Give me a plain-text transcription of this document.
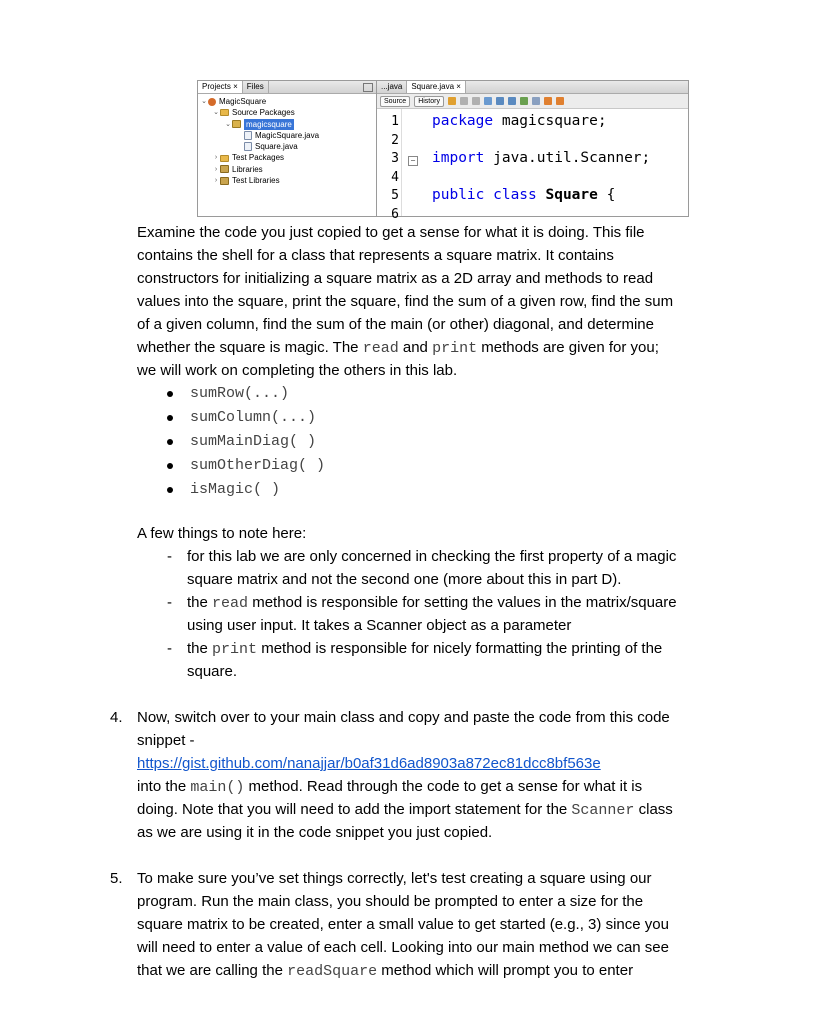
Projects ×	Files
⌄ MagicSquare
⌄ Source Packages
⌄ magicsquare
MagicSquare.java
Square.java
›	Test Packages
›	Libraries
›	Test Libraries
...java	Square.java ×
Source	History
1
2
3
4
5
6
−
package magicsquare;
import java.util.Scanner;
public class Square {
Examine the code you just copied to get a sense for what it is doing. This file
contains the shell for a class that represents a square matrix. It contains
constructors for initializing a square matrix as a 2D array and methods to read
values into the square, print the square, find the sum of a given row, find the sum
of a given column, find the sum of the main (or other) diagonal, and determine
whether the square is magic. The read and print methods are given for you;
we will work on completing the others in this lab.
sumRow(...)
sumColumn(...)
sumMainDiag( )
sumOtherDiag( )
isMagic( )
A few things to note here:
- for this lab we are only concerned in checking the first property of a magic
square matrix and not the second one (more about this in part D).
- the read method is responsible for setting the values in the matrix/square
using user input. It takes a Scanner object as a parameter
- the print method is responsible for nicely formatting the printing of the
square.
4. Now, switch over to your main class and copy and paste the code from this code
snippet -
https://gist.github.com/nanajjar/b0af31d6ad8903a872ec81dcc8bf563e
into the main() method. Read through the code to get a sense for what it is
doing. Note that you will need to add the import statement for the Scanner class
as we are using it in the code snippet you just copied.
5. To make sure you’ve set things correctly, let's test creating a square using our
program. Run the main class, you should be prompted to enter a size for the
square matrix to be created, enter a small value to get started (e.g., 3) since you
will need to enter a value of each cell. Looking into our main method we can see
that we are calling the readSquare method which will prompt you to enter
